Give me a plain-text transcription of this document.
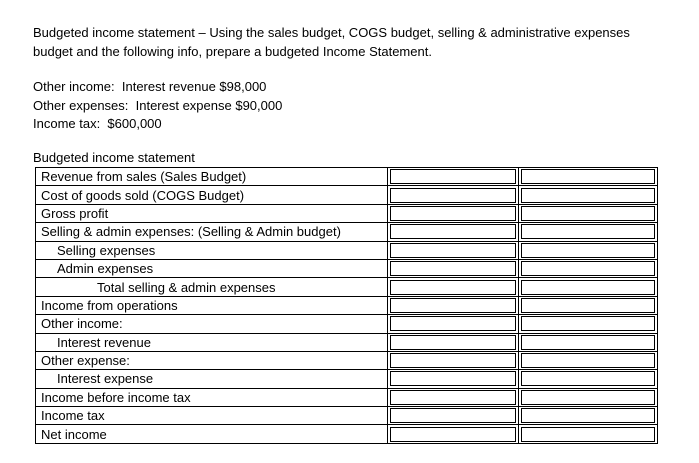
Budgeted income statement – Using the sales budget, COGS budget, selling & administrative expenses
budget and the following info, prepare a budgeted Income Statement.
Other income:  Interest revenue $98,000
Other expenses:  Interest expense $90,000
Income tax:  $600,000
Budgeted income statement
Revenue from sales (Sales Budget)	

Cost of goods sold (COGS Budget)	

Gross profit	

Selling & admin expenses: (Selling & Admin budget)	

Selling expenses	

Admin expenses	

Total selling & admin expenses	

Income from operations	

Other income:	

Interest revenue	

Other expense:	

Interest expense	

Income before income tax	

Income tax	

Net income	
